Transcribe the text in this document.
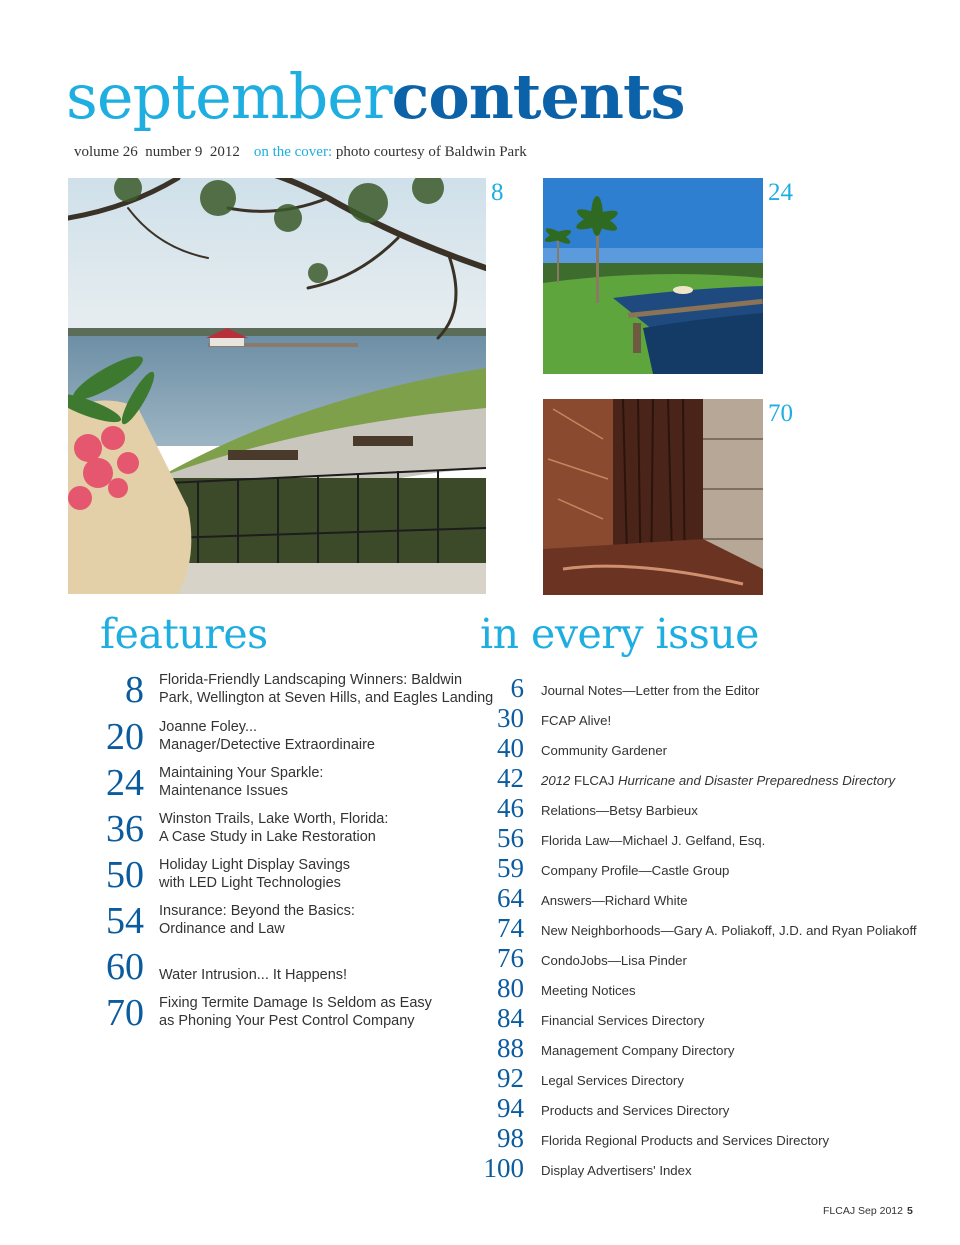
septembercontents
volume 26 number 9 2012 on the cover: photo courtesy of Baldwin Park
8	24
70
features	in every issue
8 Florida-Friendly Landscaping Winners: Baldwin
Park, Wellington at Seven Hills, and Eagles Landing
20 Joanne Foley...
Manager/Detective Extraordinaire
24 Maintaining Your Sparkle:
Maintenance Issues
36 Winston Trails, Lake Worth, Florida:
A Case Study in Lake Restoration
50 Holiday Light Display Savings
with LED Light Technologies
54 Insurance: Beyond the Basics:
Ordinance and Law
60 Water Intrusion... It Happens!
70 Fixing Termite Damage Is Seldom as Easy
as Phoning Your Pest Control Company
6 Journal Notes—Letter from the Editor
30 FCAP Alive!
40 Community Gardener
42 2012 FLCAJ Hurricane and Disaster Preparedness Directory
46 Relations—Betsy Barbieux
56 Florida Law—Michael J. Gelfand, Esq.
59 Company Profile—Castle Group
64 Answers—Richard White
74 New Neighborhoods—Gary A. Poliakoff, J.D. and Ryan Poliakoff
76 CondoJobs—Lisa Pinder
80 Meeting Notices
84 Financial Services Directory
88 Management Company Directory
92 Legal Services Directory
94 Products and Services Directory
98 Florida Regional Products and Services Directory
100 Display Advertisers' Index
FLCAJ Sep 2012 5
